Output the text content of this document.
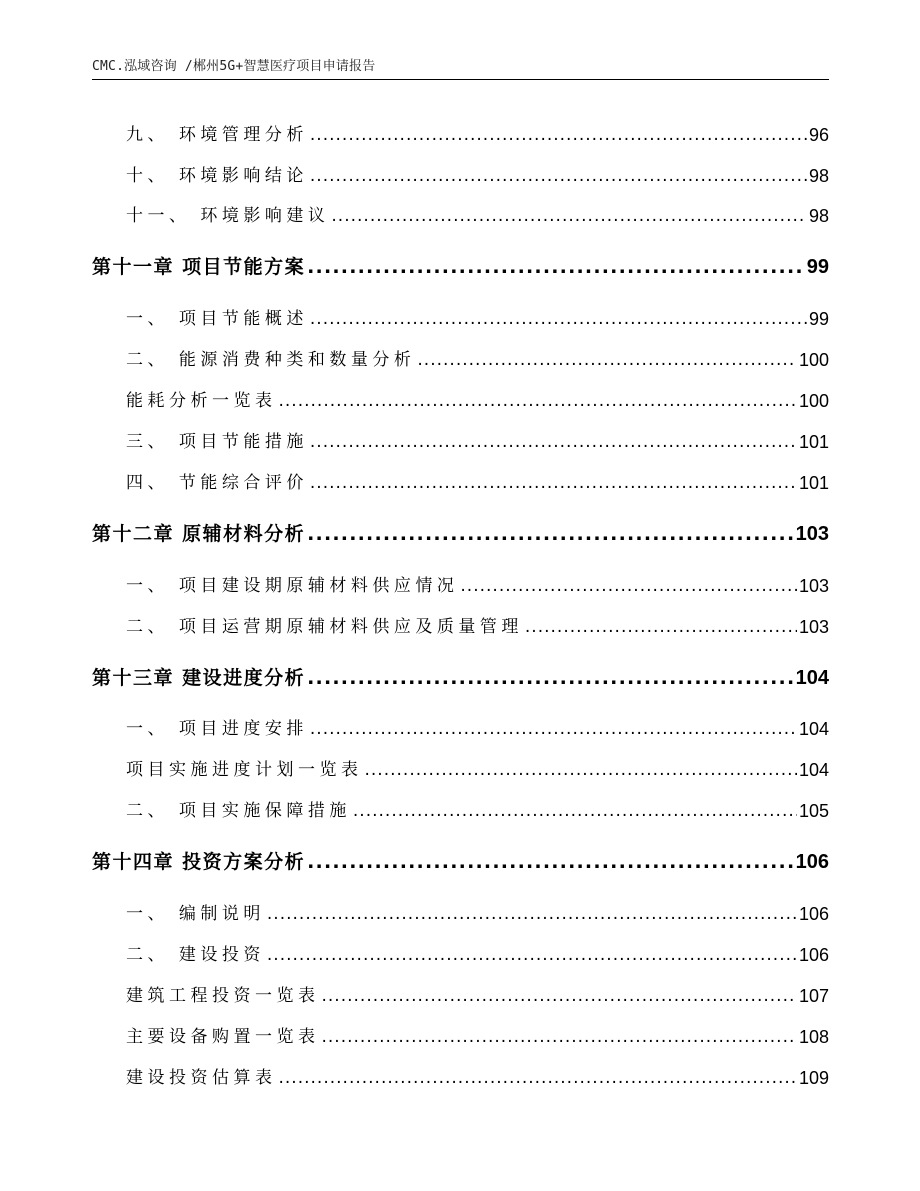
CMC.泓域咨询 /郴州5G+智慧医疗项目申请报告
九、 环境管理分析 .....	96
十、 环境影响结论 .....	98
十一、 环境影响建议 .....	98
第十一章 项目节能方案 .....	99
一、 项目节能概述 .....	99
二、 能源消费种类和数量分析 .....	100
能耗分析一览表 .....	100
三、 项目节能措施 .....	101
四、 节能综合评价 .....	101
第十二章 原辅材料分析 .....	103
一、 项目建设期原辅材料供应情况 .....	103
二、 项目运营期原辅材料供应及质量管理 .....	103
第十三章 建设进度分析 .....	104
一、 项目进度安排 .....	104
项目实施进度计划一览表 .....	104
二、 项目实施保障措施 .....	105
第十四章 投资方案分析 .....	106
一、 编制说明 .....	106
二、 建设投资 .....	106
建筑工程投资一览表 .....	107
主要设备购置一览表 .....	108
建设投资估算表 .....	109
